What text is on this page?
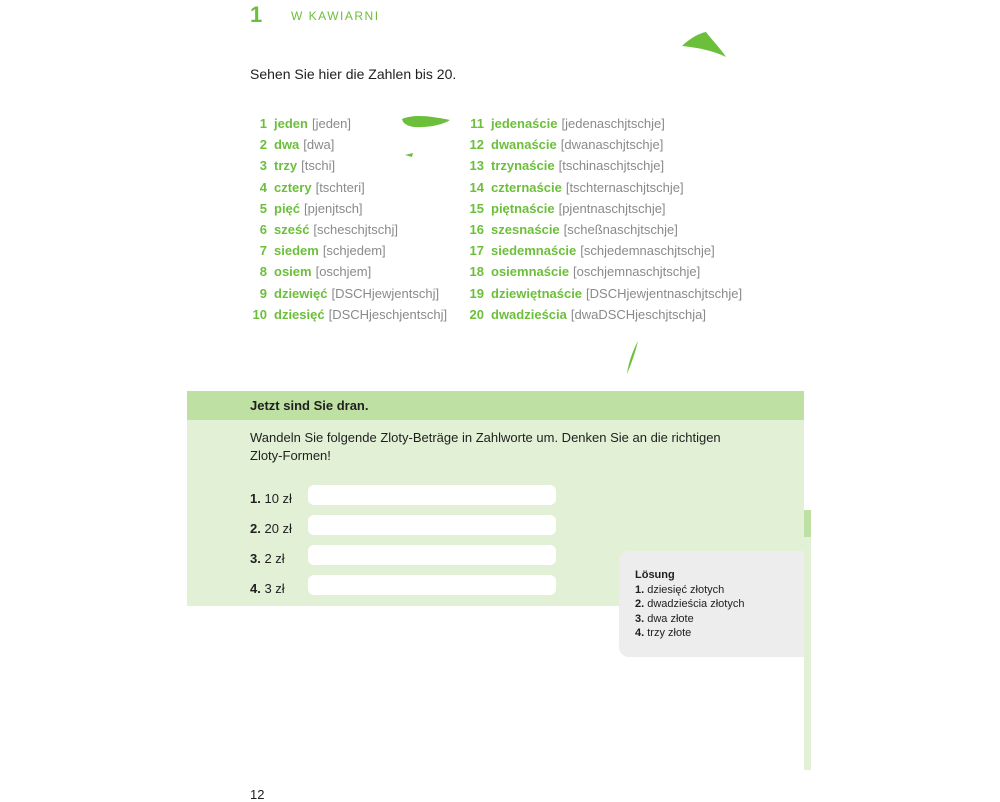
1 W KAWIARNI
Sehen Sie hier die Zahlen bis 20.
1 jeden [jeden]
2 dwa [dwa]
3 trzy [tschi]
4 cztery [tschteri]
5 pięć [pjenjtsch]
6 sześć [scheschjtschj]
7 siedem [schjedem]
8 osiem [oschjem]
9 dziewięć [DSCHjewjentschj]
10 dziesięć [DSCHjeschjentschj]
11 jedenaście [jedenaschjtschje]
12 dwanaście [dwanaschjtschje]
13 trzynaście [tschinaschjtschje]
14 czternaście [tschternaschjtschje]
15 piętnaście [pjentnaschjtschje]
16 szesnaście [scheßnaschjtschje]
17 siedemnaście [schjedemnaschjtschje]
18 osiemnaście [oschjemnaschjtschje]
19 dziewiętnaście [DSCHjewjentnaschjtschje]
20 dwadzieścia [dwaDSCHjeschjtschja]
Jetzt sind Sie dran.
Wandeln Sie folgende Zloty-Beträge in Zahlworte um. Denken Sie an die richtigen Zloty-Formen!
1. 10 zł
2. 20 zł
3. 2 zł
4. 3 zł
Lösung
1. dziesięć złotych
2. dwadzieścia złotych
3. dwa złote
4. trzy złote
12
